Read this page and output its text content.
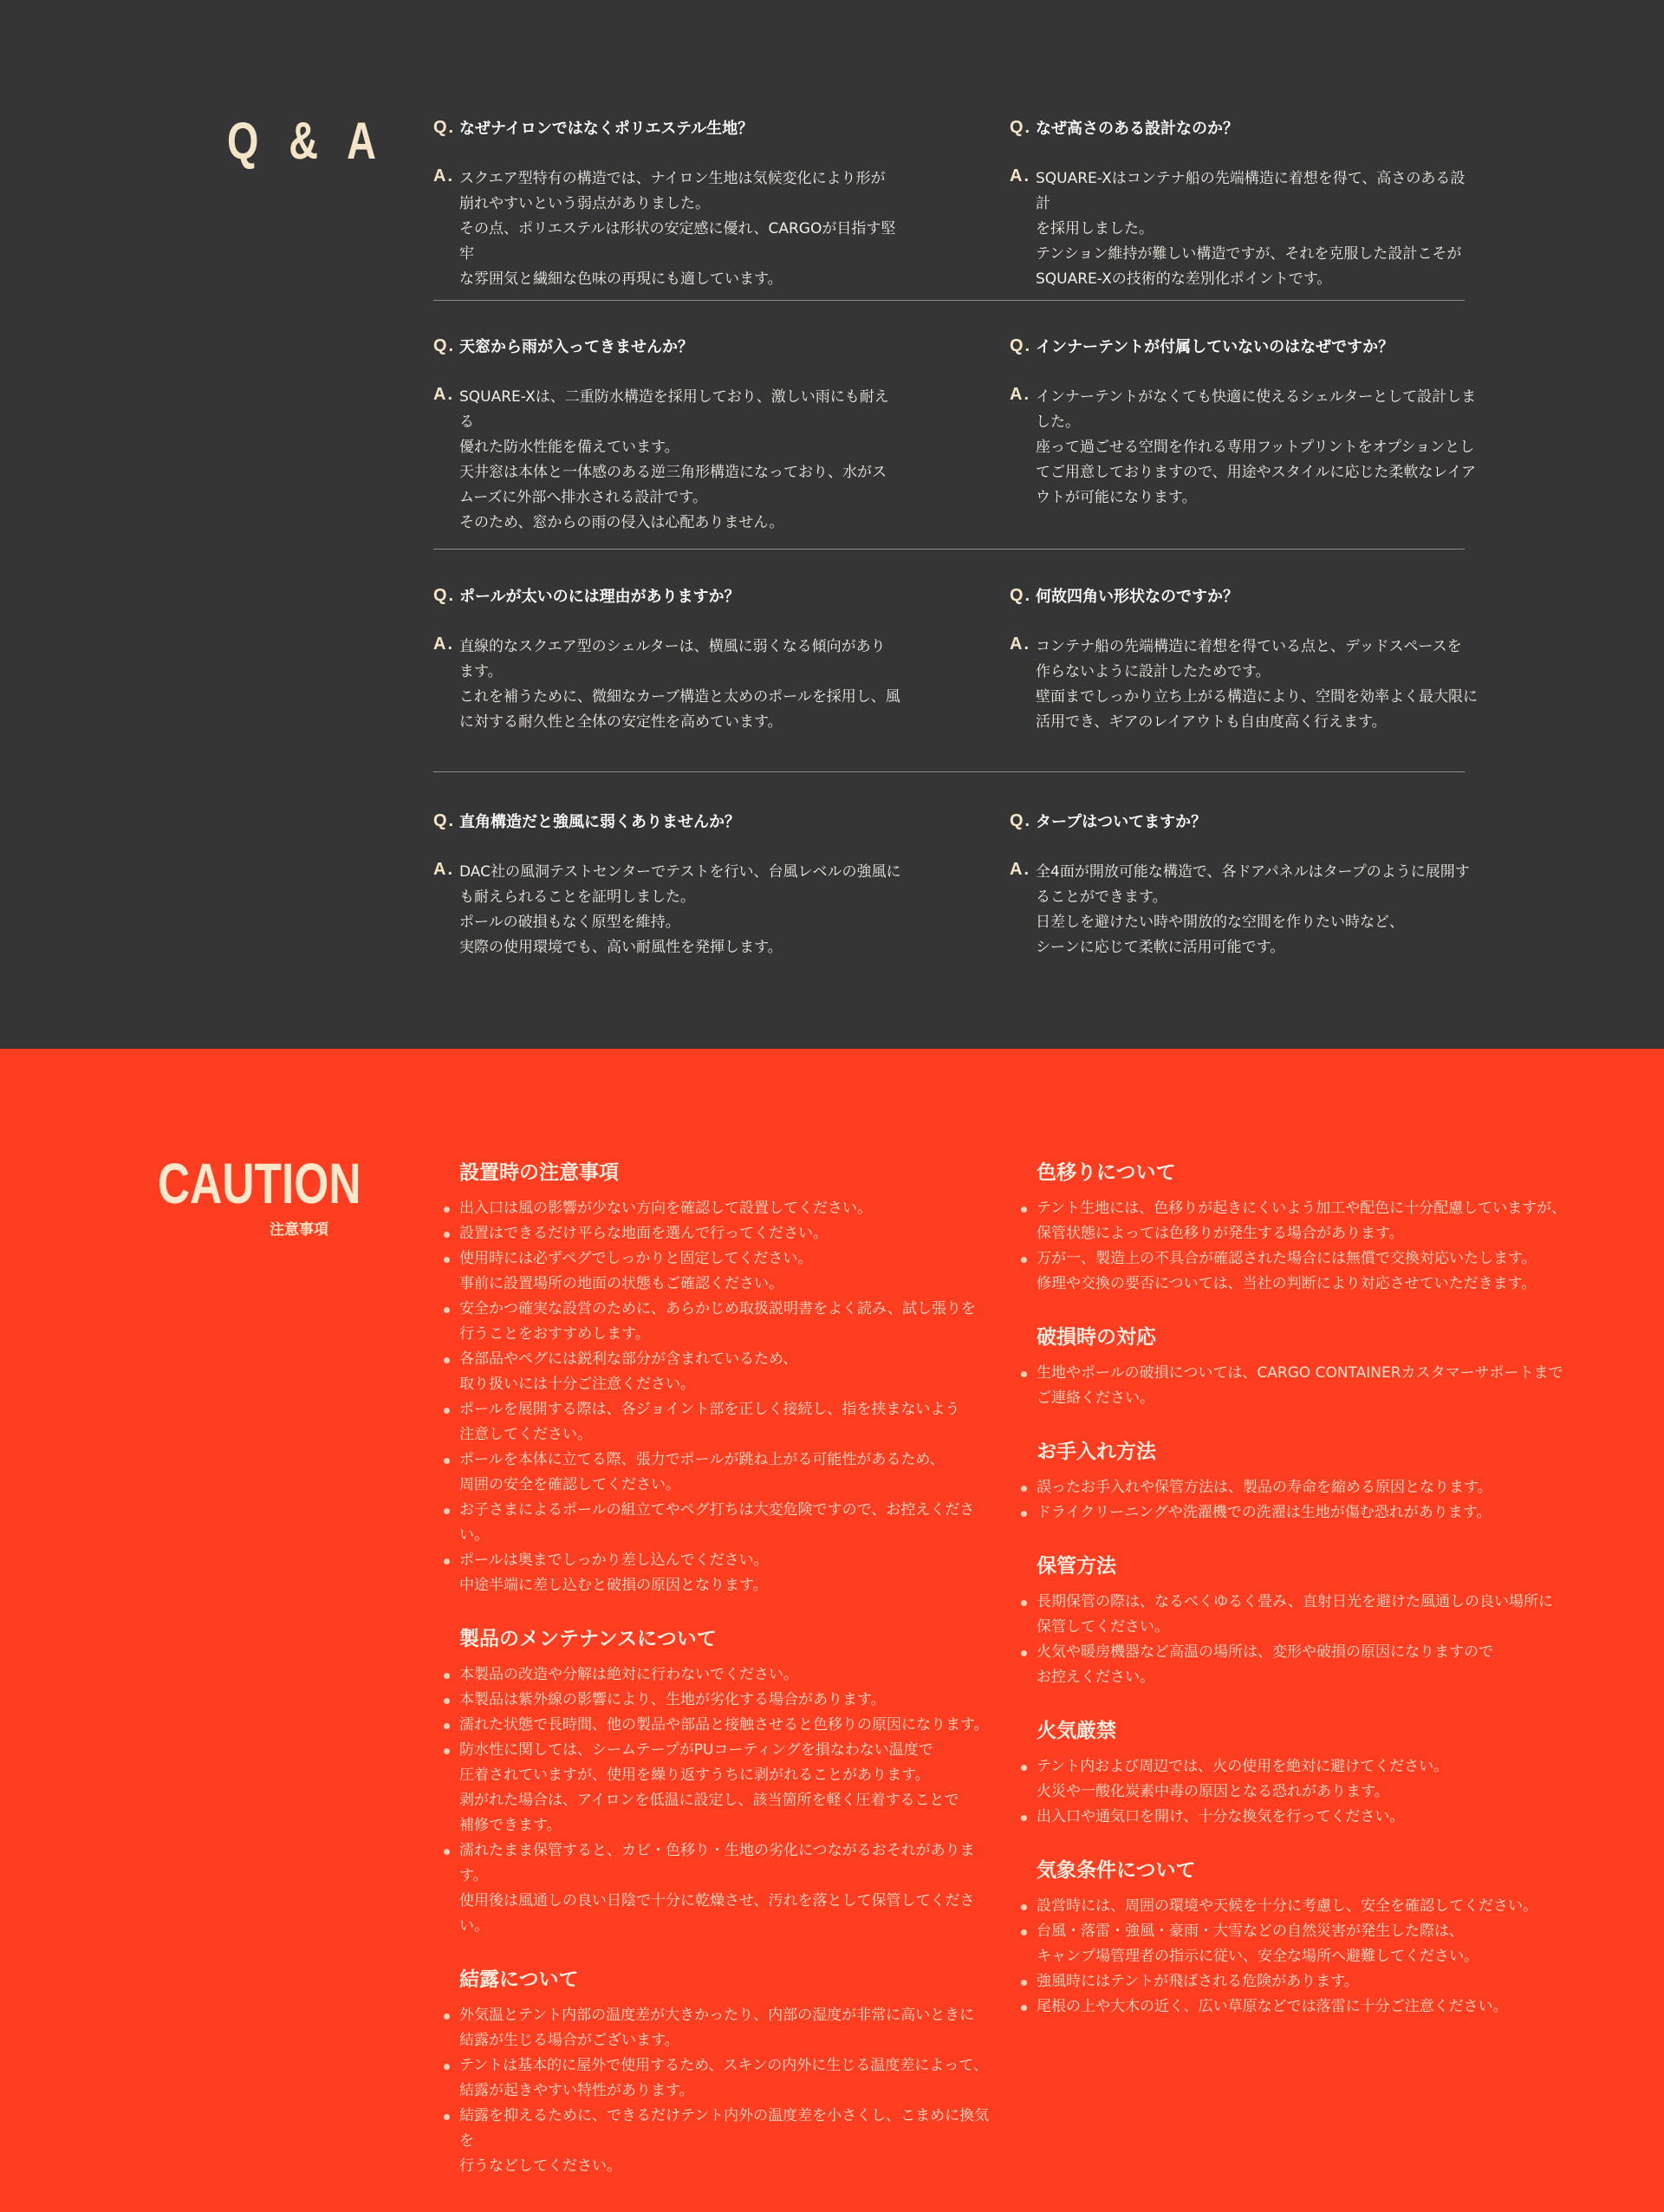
Q & A	Q. なぜナイロンではなくポリエステル生地？
A. スクエア型特有の構造では、ナイロン生地は気候変化により形が
崩れやすいという弱点がありました。
その点、ポリエステルは形状の安定感に優れ、CARGOが目指す堅牢
な雰囲気と繊細な色味の再現にも適しています。
Q. なぜ高さのある設計なのか？
A. SQUARE-Xはコンテナ船の先端構造に着想を得て、高さのある設計
を採用しました。
テンション維持が難しい構造ですが、それを克服した設計こそが
SQUARE-Xの技術的な差別化ポイントです。
Q. 天窓から雨が入ってきませんか？
A. SQUARE-Xは、二重防水構造を採用しており、激しい雨にも耐える
優れた防水性能を備えています。
天井窓は本体と一体感のある逆三角形構造になっており、水がス
ムーズに外部へ排水される設計です。
そのため、窓からの雨の侵入は心配ありません。
Q. インナーテントが付属していないのはなぜですか？
A. インナーテントがなくても快適に使えるシェルターとして設計しま
した。
座って過ごせる空間を作れる専用フットプリントをオプションとし
てご用意しておりますので、用途やスタイルに応じた柔軟なレイア
ウトが可能になります。
Q. ポールが太いのには理由がありますか？
A. 直線的なスクエア型のシェルターは、横風に弱くなる傾向があり
ます。
これを補うために、微細なカーブ構造と太めのポールを採用し、風
に対する耐久性と全体の安定性を高めています。
Q. 何故四角い形状なのですか？
A. コンテナ船の先端構造に着想を得ている点と、デッドスペースを
作らないように設計したためです。
壁面までしっかり立ち上がる構造により、空間を効率よく最大限に
活用でき、ギアのレイアウトも自由度高く行えます。
Q. 直角構造だと強風に弱くありませんか？
A. DAC社の風洞テストセンターでテストを行い、台風レベルの強風に
も耐えられることを証明しました。
ポールの破損もなく原型を維持。
実際の使用環境でも、高い耐風性を発揮します。
Q. タープはついてますか？
A. 全4面が開放可能な構造で、各ドアパネルはタープのように展開す
ることができます。
日差しを避けたい時や開放的な空間を作りたい時など、
シーンに応じて柔軟に活用可能です。
CAUTION
注意事項
設置時の注意事項
出入口は風の影響が少ない方向を確認して設置してください。
設置はできるだけ平らな地面を選んで行ってください。
使用時には必ずペグでしっかりと固定してください。
事前に設置場所の地面の状態もご確認ください。
安全かつ確実な設営のために、あらかじめ取扱説明書をよく読み、試し張りを
行うことをおすすめします。
各部品やペグには鋭利な部分が含まれているため、
取り扱いには十分ご注意ください。
ポールを展開する際は、各ジョイント部を正しく接続し、指を挟まないよう
注意してください。
ポールを本体に立てる際、張力でポールが跳ね上がる可能性があるため、
周囲の安全を確認してください。
お子さまによるポールの組立てやペグ打ちは大変危険ですので、お控えください。
ポールは奥までしっかり差し込んでください。
中途半端に差し込むと破損の原因となります。
製品のメンテナンスについて
本製品の改造や分解は絶対に行わないでください。
本製品は紫外線の影響により、生地が劣化する場合があります。
濡れた状態で長時間、他の製品や部品と接触させると色移りの原因になります。
防水性に関しては、シームテープがPUコーティングを損なわない温度で
圧着されていますが、使用を繰り返すうちに剥がれることがあります。
剥がれた場合は、アイロンを低温に設定し、該当箇所を軽く圧着することで
補修できます。
濡れたまま保管すると、カビ・色移り・生地の劣化につながるおそれがあります。
使用後は風通しの良い日陰で十分に乾燥させ、汚れを落として保管してください。
結露について
外気温とテント内部の温度差が大きかったり、内部の湿度が非常に高いときに
結露が生じる場合がございます。
テントは基本的に屋外で使用するため、スキンの内外に生じる温度差によって、
結露が起きやすい特性があります。
結露を抑えるために、できるだけテント内外の温度差を小さくし、こまめに換気を
行うなどしてください。
色移りについて
テント生地には、色移りが起きにくいよう加工や配色に十分配慮していますが、
保管状態によっては色移りが発生する場合があります。
万が一、製造上の不具合が確認された場合には無償で交換対応いたします。
修理や交換の要否については、当社の判断により対応させていただきます。
破損時の対応
生地やポールの破損については、CARGO CONTAINERカスタマーサポートまで
ご連絡ください。
お手入れ方法
誤ったお手入れや保管方法は、製品の寿命を縮める原因となります。
ドライクリーニングや洗濯機での洗濯は生地が傷む恐れがあります。
保管方法
長期保管の際は、なるべくゆるく畳み、直射日光を避けた風通しの良い場所に
保管してください。
火気や暖房機器など高温の場所は、変形や破損の原因になりますので
お控えください。
火気厳禁
テント内および周辺では、火の使用を絶対に避けてください。
火災や一酸化炭素中毒の原因となる恐れがあります。
出入口や通気口を開け、十分な換気を行ってください。
気象条件について
設営時には、周囲の環境や天候を十分に考慮し、安全を確認してください。
台風・落雷・強風・豪雨・大雪などの自然災害が発生した際は、
キャンプ場管理者の指示に従い、安全な場所へ避難してください。
強風時にはテントが飛ばされる危険があります。
尾根の上や大木の近く、広い草原などでは落雷に十分ご注意ください。
